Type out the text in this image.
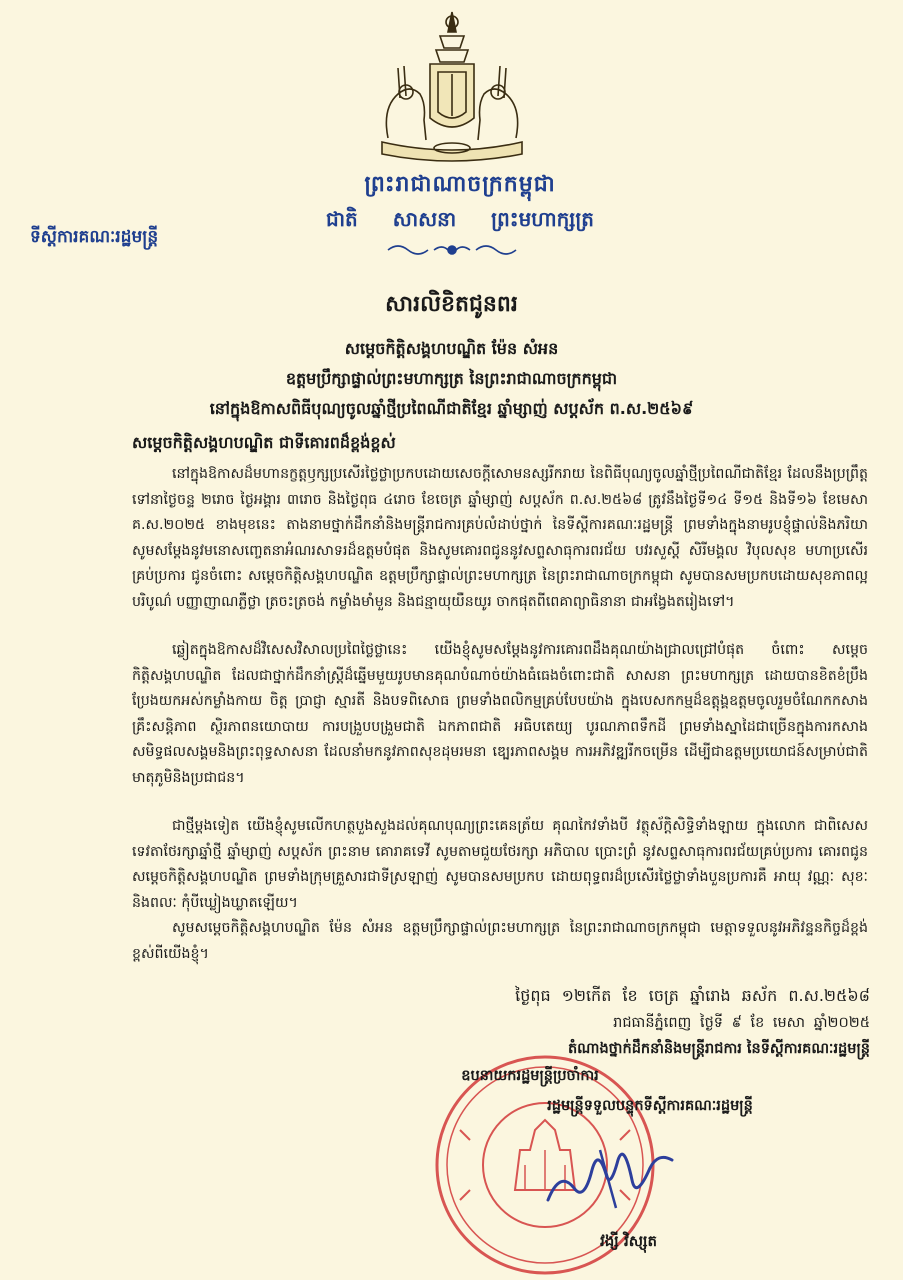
ព្រះរាជាណាចក្រកម្ពុជា
ជាតិ សាសនា ព្រះមហាក្សត្រ
ទីស្តីការគណៈរដ្ឋមន្ត្រី
សារលិខិតជូនពរ
សម្តេចកិត្តិសង្គហបណ្ឌិត ម៉ែន សំអន
ឧត្តមប្រឹក្សាផ្ទាល់ព្រះមហាក្សត្រ នៃព្រះរាជាណាចក្រកម្ពុជា
នៅក្នុងឱកាសពិធីបុណ្យចូលឆ្នាំថ្មីប្រពៃណីជាតិខ្មែរ ឆ្នាំម្សាញ់ សប្តស័ក ព.ស.២៥៦៩
សម្តេចកិត្តិសង្គហបណ្ឌិត ជាទីគោរពដ៏ខ្ពង់ខ្ពស់
នៅក្នុងឱកាសដ៏មហានក្ខត្តឫក្សប្រសើរថ្លៃថ្លាប្រកបដោយសេចក្តីសោមនស្សរីករាយ នៃពិធីបុណ្យចូលឆ្នាំថ្មីប្រពៃណីជាតិខ្មែរ ដែលនឹងប្រព្រឹត្តទៅនាថ្ងៃចន្ទ ២រោច ថ្ងៃអង្គារ ៣រោច និងថ្ងៃពុធ ៤រោច ខែចេត្រ ឆ្នាំម្សាញ់ សប្តស័ក ព.ស.២៥៦៨ ត្រូវនឹងថ្ងៃទី១៤ ទី១៥ និងទី១៦ ខែមេសា គ.ស.២០២៥ ខាងមុខនេះ តាងនាមថ្នាក់ដឹកនាំនិងមន្ត្រីរាជការគ្រប់លំដាប់ថ្នាក់ នៃទីស្តីការគណៈរដ្ឋមន្ត្រី ព្រមទាំងក្នុងនាមរូបខ្ញុំផ្ទាល់និងភរិយា សូមសម្តែងនូវមនោសញ្ចេតនាអំណរសាទរដ៏ឧត្តមបំផុត និងសូមគោរពជូននូវសព្ទសាធុការពរជ័យ បវរសួស្តី សិរីមង្គល វិបុលសុខ មហាប្រសើរគ្រប់ប្រការ ជូនចំពោះ សម្តេចកិត្តិសង្គហបណ្ឌិត ឧត្តមប្រឹក្សាផ្ទាល់ព្រះមហាក្សត្រ នៃព្រះរាជាណាចក្រកម្ពុជា សូមបានសមប្រកបដោយសុខភាពល្អបរិបូណ៌ បញ្ញាញាណភ្លឺថ្លា ត្រចះត្រចង់ កម្លាំងមាំមួន និងជន្មាយុយឺនយូរ ចាកផុតពីពេគាព្យាធិនានា ជាអង្វែងតរៀងទៅ។
ឆ្លៀតក្នុងឱកាសដ៏វិសេសវិសាលប្រពៃថ្លៃថ្លានេះ យើងខ្ញុំសូមសម្តែងនូវការគោរពដឹងគុណយ៉ាងជ្រាលជ្រៅបំផុត ចំពោះ សម្តេចកិត្តិសង្គហបណ្ឌិត ដែលជាថ្នាក់ដឹកនាំស្ត្រីដ៏ឆ្នើមមួយរូបមានគុណបំណាច់យ៉ាងធំធេងចំពោះជាតិ សាសនា ព្រះមហាក្សត្រ ដោយបានខិតខំប្រឹងប្រែងយកអស់កម្លាំងកាយ ចិត្ត ប្រាជ្ញា ស្មារតី និងបទពិសោធ ព្រមទាំងពលិកម្មគ្រប់បែបយ៉ាង ក្នុងបេសកកម្មដ៏ឧត្តុង្គឧត្តមចូលរួមចំណែកកសាងគ្រឹះសន្តិភាព ស្ថិរភាពនយោបាយ ការបង្រួបបង្រួមជាតិ ឯកភាពជាតិ អធិបតេយ្យ បូរណភាពទឹកដី ព្រមទាំងស្នាដៃជាច្រើនក្នុងការកសាងសមិទ្ធផលសង្គមនិងព្រះពុទ្ធសាសនា ដែលនាំមកនូវភាពសុខដុមរមនា ឌ្បេរភាពសង្គម ការអភិវឌ្ឍរីកចម្រើន ដើម្បីជាឧត្តមប្រយោជន៍សម្រាប់ជាតិមាតុភូមិនិងប្រជាជន។
ជាថ្មីម្តងទៀត យើងខ្ញុំសូមលើកហត្ថបួងសួងដល់គុណបុណ្យព្រះគេនត្រ័យ គុណកៃវទាំងបី វត្ថុស័ក្តិសិទ្ធិទាំងឡាយ ក្នុងលោក ជាពិសេស ទេវតាថែរក្សាឆ្នាំថ្មី ឆ្នាំម្សាញ់ សប្តស័ក ព្រះនាម គោរាគទេវី សូមតាមជួយថែរក្សា អភិបាល ប្រោះព្រំ នូវសព្ទសាធុការពរជ័យគ្រប់ប្រការ គោរពជូន សម្តេចកិត្តិសង្គហបណ្ឌិត ព្រមទាំងក្រុមគ្រួសារជាទីស្រឡាញ់ សូមបានសមប្រកប ដោយពុទ្ធពរដ៏ប្រសើរថ្លៃថ្លាទាំងបួនប្រការគឺ អាយុ វណ្ណៈ សុខៈ និងពលៈ កុំបីឃ្លៀងឃ្លាតឡើយ។
សូមសម្តេចកិត្តិសង្គហបណ្ឌិត ម៉ែន សំអន ឧត្តមប្រឹក្សាផ្ទាល់ព្រះមហាក្សត្រ នៃព្រះរាជាណាចក្រកម្ពុជា មេត្តាទទួលនូវអភិវន្ទនកិច្ចដ៏ខ្ពង់ខ្ពស់ពីយើងខ្ញុំ។
ថ្ងៃពុធ ១២កើត ខែ ចេត្រ ឆ្នាំរោង ឆស័ក ព.ស.២៥៦៨
រាជធានីភ្នំពេញ ថ្ងៃទី ៩ ខែ មេសា ឆ្នាំ២០២៥
តំណាងថ្នាក់ដឹកនាំនិងមន្ត្រីរាជការ នៃទីស្តីការគណៈរដ្ឋមន្ត្រី
ឧបនាយករដ្ឋមន្ត្រីប្រចាំការ
រដ្ឋមន្ត្រីទទួលបន្ទុកទីស្តីការគណៈរដ្ឋមន្ត្រី
វង្សី វិស្សុត
